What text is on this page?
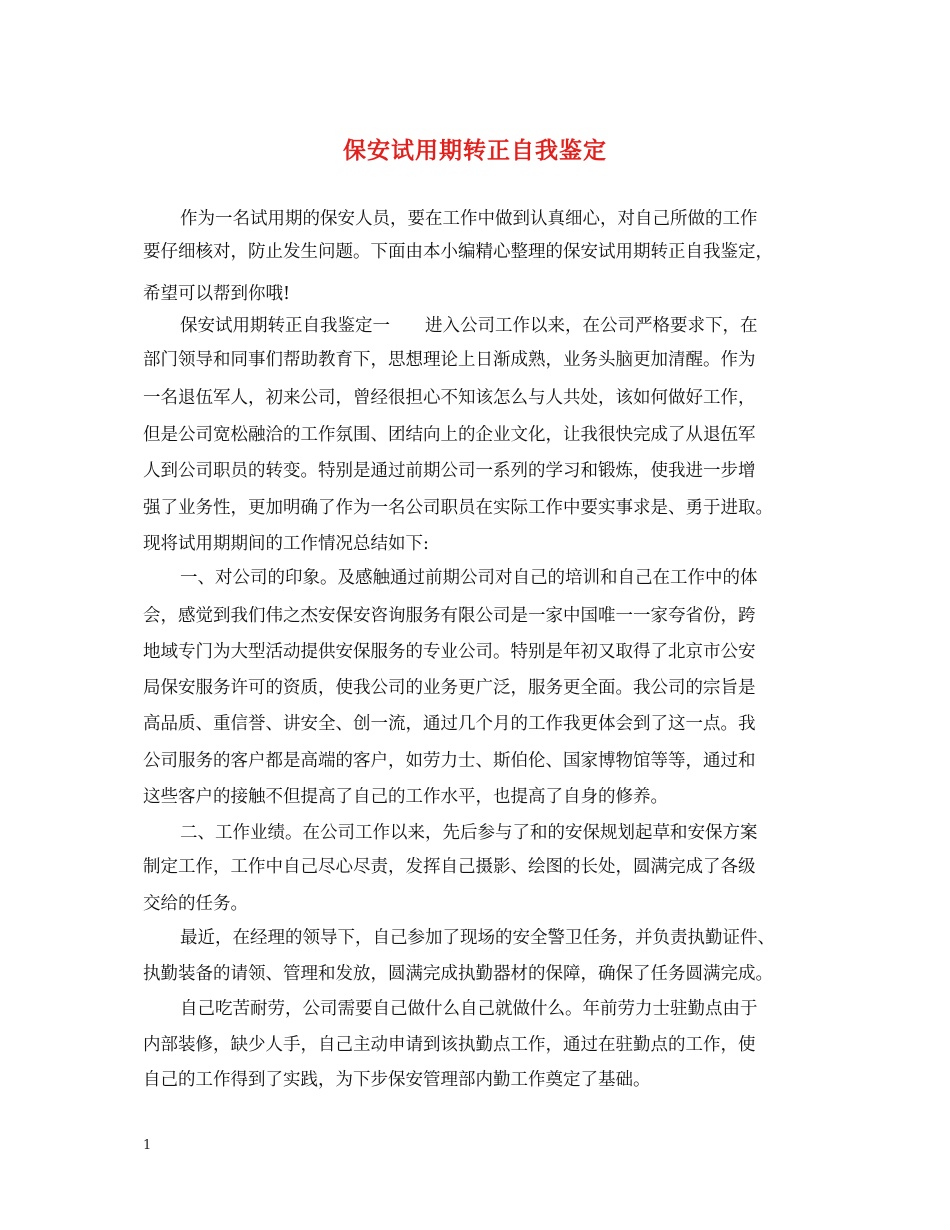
保安试用期转正自我鉴定
作为一名试用期的保安人员，要在工作中做到认真细心，对自己所做的工作
要仔细核对，防止发生问题。下面由本小编精心整理的保安试用期转正自我鉴定，
希望可以帮到你哦!
保安试用期转正自我鉴定一　　进入公司工作以来，在公司严格要求下，在
部门领导和同事们帮助教育下，思想理论上日渐成熟，业务头脑更加清醒。作为
一名退伍军人，初来公司，曾经很担心不知该怎么与人共处，该如何做好工作，
但是公司宽松融洽的工作氛围、团结向上的企业文化，让我很快完成了从退伍军
人到公司职员的转变。特别是通过前期公司一系列的学习和锻炼，使我进一步增
强了业务性，更加明确了作为一名公司职员在实际工作中要实事求是、勇于进取。
现将试用期期间的工作情况总结如下:
一、对公司的印象。及感触通过前期公司对自己的培训和自己在工作中的体
会，感觉到我们伟之杰安保安咨询服务有限公司是一家中国唯一一家夸省份，跨
地域专门为大型活动提供安保服务的专业公司。特别是年初又取得了北京市公安
局保安服务许可的资质，使我公司的业务更广泛，服务更全面。我公司的宗旨是
高品质、重信誉、讲安全、创一流，通过几个月的工作我更体会到了这一点。我
公司服务的客户都是高端的客户，如劳力士、斯伯伦、国家博物馆等等，通过和
这些客户的接触不但提高了自己的工作水平，也提高了自身的修养。
二、工作业绩。在公司工作以来，先后参与了和的安保规划起草和安保方案
制定工作，工作中自己尽心尽责，发挥自己摄影、绘图的长处，圆满完成了各级
交给的任务。
最近，在经理的领导下，自己参加了现场的安全警卫任务，并负责执勤证件、
执勤装备的请领、管理和发放，圆满完成执勤器材的保障，确保了任务圆满完成。
自己吃苦耐劳，公司需要自己做什么自己就做什么。年前劳力士驻勤点由于
内部装修，缺少人手，自己主动申请到该执勤点工作，通过在驻勤点的工作，使
自己的工作得到了实践，为下步保安管理部内勤工作奠定了基础。
1
